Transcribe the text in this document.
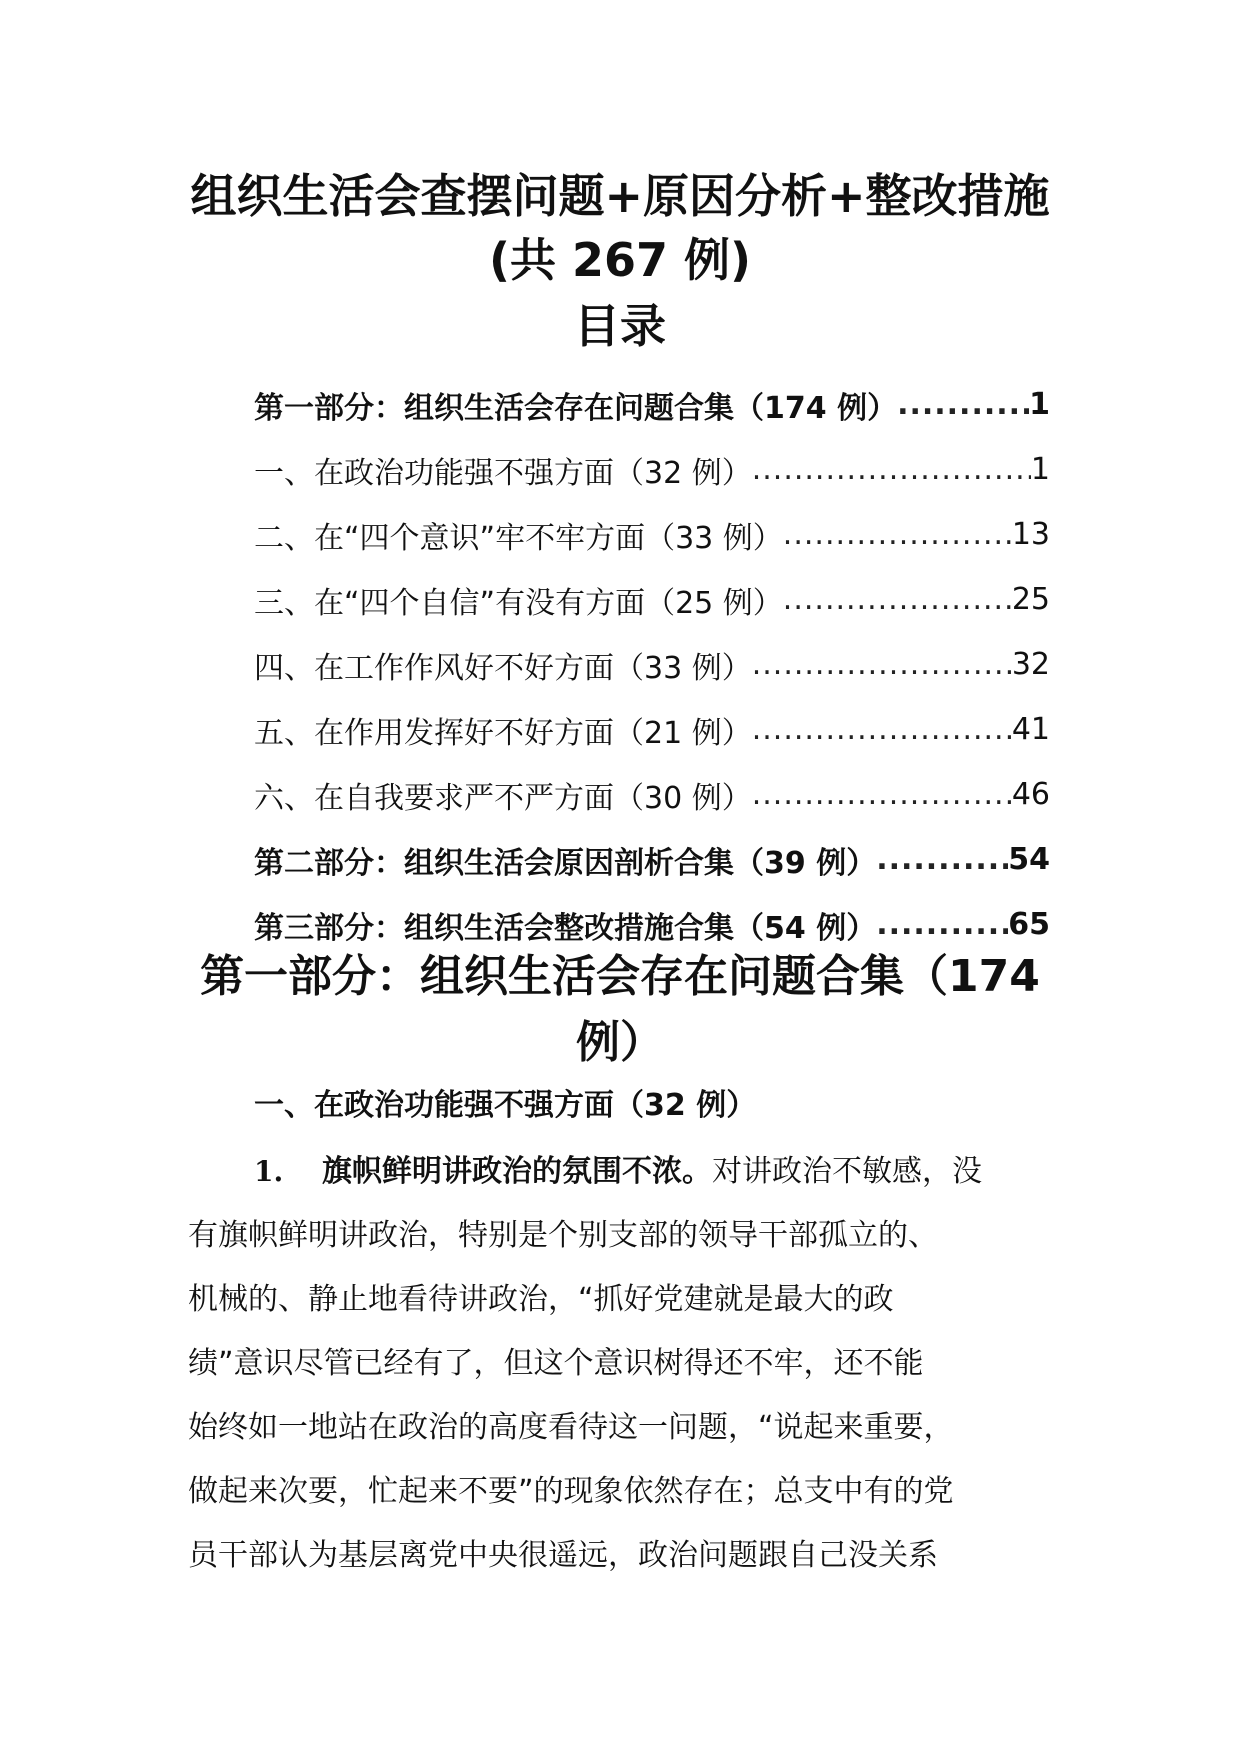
组织生活会查摆问题+原因分析+整改措施
(共 267 例)
目录
第一部分：组织生活会存在问题合集（174 例） .....	1
一、在政治功能强不强方面（32 例） .....	1
二、在“四个意识”牢不牢方面（33 例） .....	13
三、在“四个自信”有没有方面（25 例） .....	25
四、在工作作风好不好方面（33 例） .....	32
五、在作用发挥好不好方面（21 例） .....	41
六、在自我要求严不严方面（30 例） .....	46
第二部分：组织生活会原因剖析合集（39 例） .....	54
第三部分：组织生活会整改措施合集（54 例） .....	65
第一部分：组织生活会存在问题合集（174
例）
一、在政治功能强不强方面（32 例）

1. 旗帜鲜明讲政治的氛围不浓。对讲政治不敏感，没
有旗帜鲜明讲政治，特别是个别支部的领导干部孤立的、
机械的、静止地看待讲政治，“抓好党建就是最大的政
绩”意识尽管已经有了，但这个意识树得还不牢，还不能
始终如一地站在政治的高度看待这一问题，“说起来重要，
做起来次要，忙起来不要”的现象依然存在；总支中有的党
员干部认为基层离党中央很遥远，政治问题跟自己没关系
